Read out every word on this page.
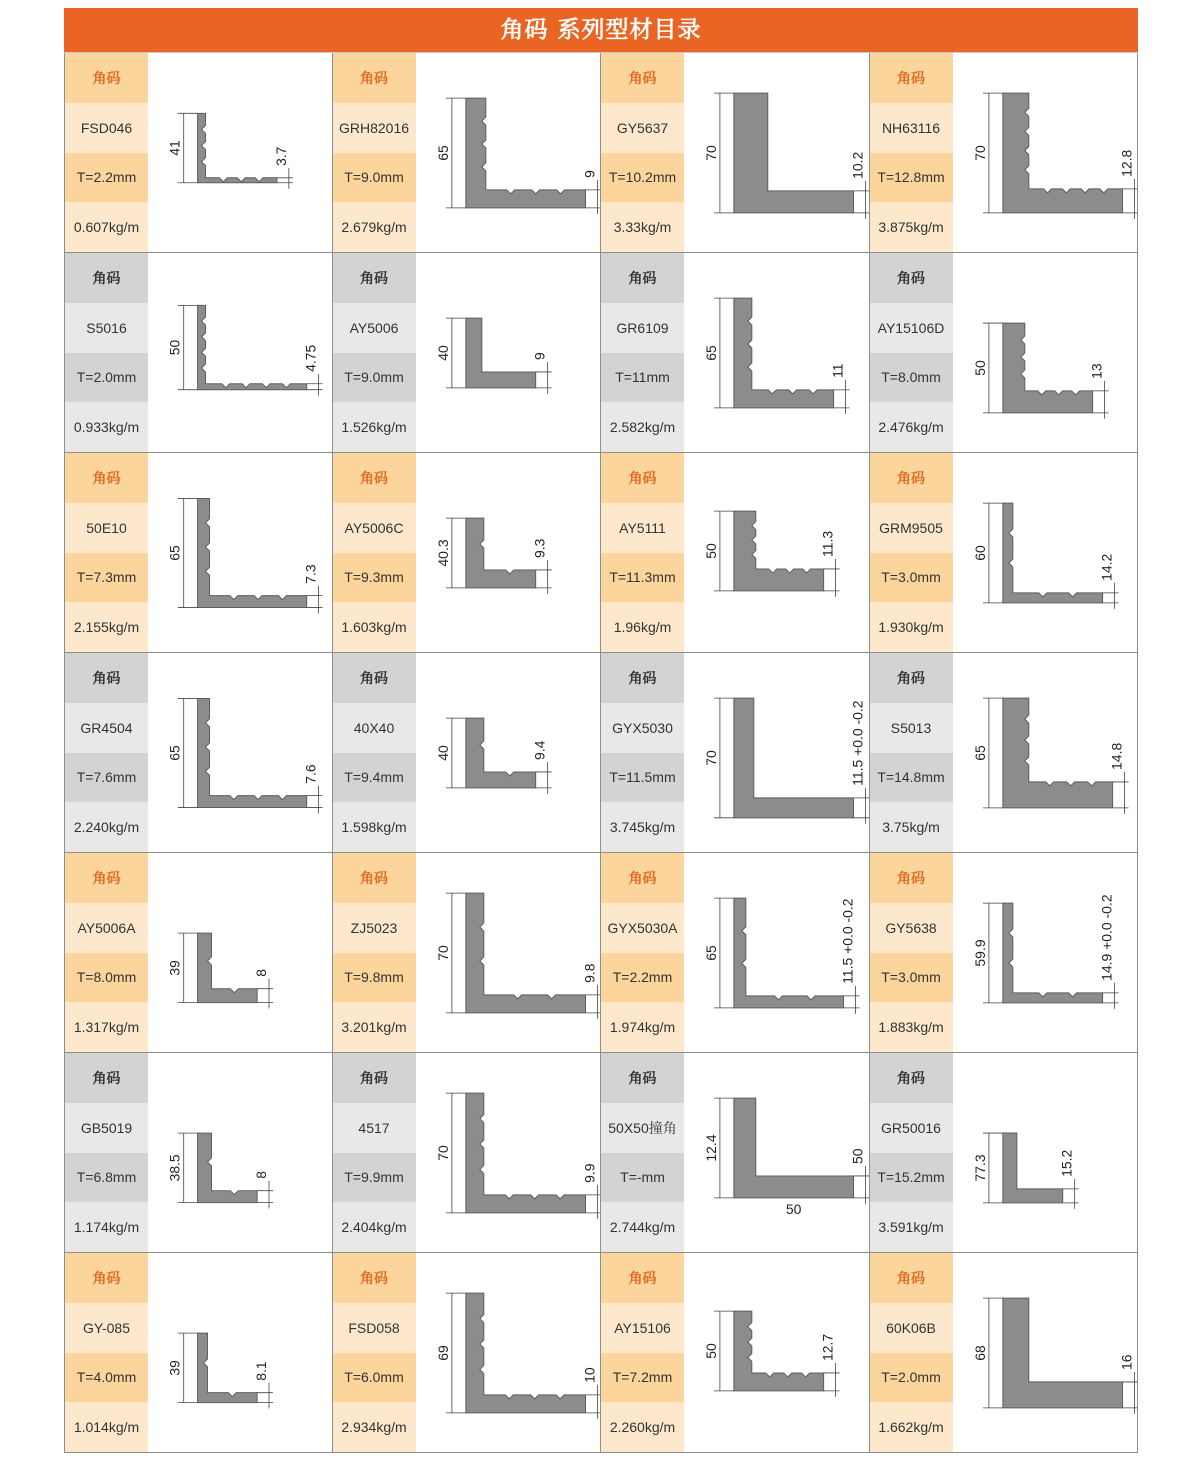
角码 系列型材目录
角码
FSD046
T=2.2mm
0.607kg/m
41	3.7
角码
GRH82016
T=9.0mm
2.679kg/m
65
9
角码
GY5637
T=10.2mm
3.33kg/m
70	10.2
角码
NH63116
T=12.8mm
3.875kg/m
70	12.8
角码
S5016
T=2.0mm
0.933kg/m
50	4.75
角码
AY5006
T=9.0mm
1.526kg/m
40	9
角码
GR6109
T=11mm
2.582kg/m
65
11
角码
AY15106D
T=8.0mm
2.476kg/m
50	13
角码
50E10
T=7.3mm
2.155kg/m
65
7.3
角码
AY5006C
T=9.3mm
1.603kg/m
40.3	9.3
角码
AY5111
T=11.3mm
1.96kg/m
50	11.3
角码
GRM9505
T=3.0mm
1.930kg/m
60
14.2
角码
GR4504
T=7.6mm
2.240kg/m
65
7.6
角码
40X40
T=9.4mm
1.598kg/m
40	9.4
角码
GYX5030
T=11.5mm
3.745kg/m
70	11.5 +0.0 -0.2
角码
S5013
T=14.8mm
3.75kg/m
65	14.8
角码
AY5006A
T=8.0mm
1.317kg/m
39	8
角码
ZJ5023
T=9.8mm
3.201kg/m
70
9.8
角码
GYX5030A
T=2.2mm
1.974kg/m
65	11.5 +0.0 -0.2
角码
GY5638
T=3.0mm
1.883kg/m
59.9	14.9 +0.0 -0.2
角码
GB5019
T=6.8mm
1.174kg/m
38.5	8
角码
4517
T=9.9mm
2.404kg/m
70
9.9
角码
50X50撞角
T=-mm
2.744kg/m
12.4	50
50
角码
GR50016
T=15.2mm
3.591kg/m
77.3	15.2
角码
GY-085
T=4.0mm
1.014kg/m
39	8.1
角码
FSD058
T=6.0mm
2.934kg/m
69
10
角码
AY15106
T=7.2mm
2.260kg/m
50	12.7
角码
60K06B
T=2.0mm
1.662kg/m
68
16
